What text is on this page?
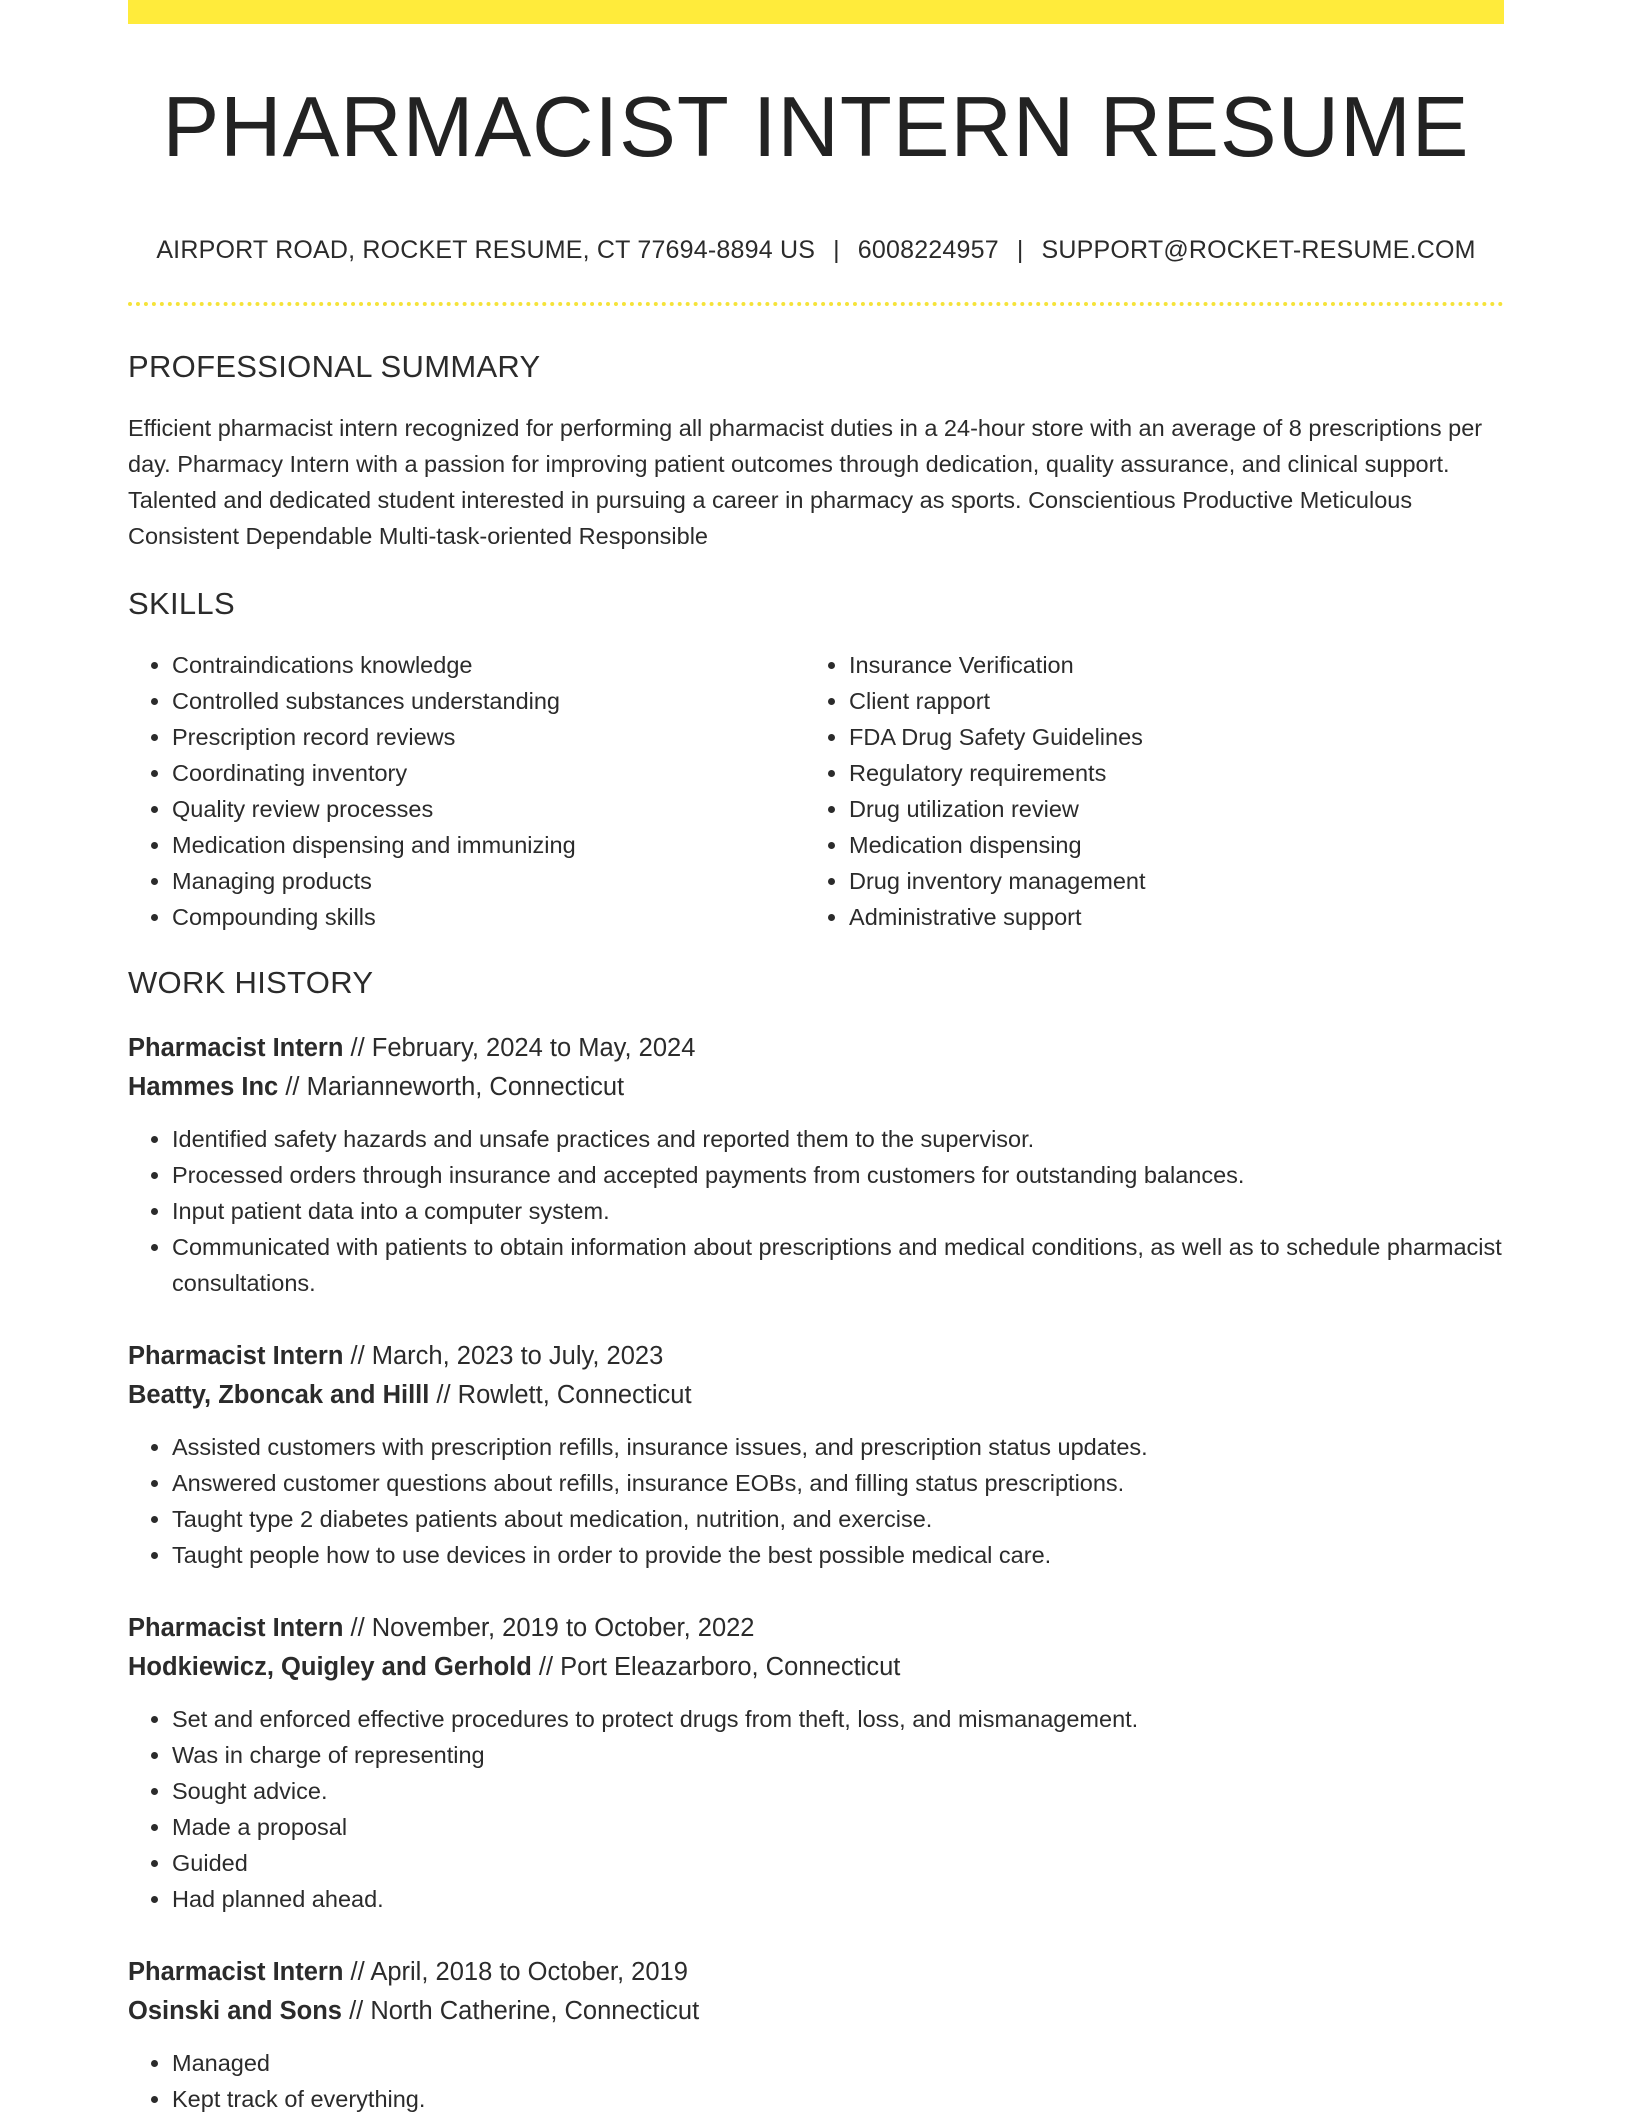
PHARMACIST INTERN RESUME
AIRPORT ROAD, ROCKET RESUME, CT 77694-8894 US | 6008224957 | SUPPORT@ROCKET-RESUME.COM
PROFESSIONAL SUMMARY
Efficient pharmacist intern recognized for performing all pharmacist duties in a 24-hour store with an average of 8 prescriptions per day. Pharmacy Intern with a passion for improving patient outcomes through dedication, quality assurance, and clinical support. Talented and dedicated student interested in pursuing a career in pharmacy as sports. Conscientious Productive Meticulous Consistent Dependable Multi-task-oriented Responsible
SKILLS
• Contraindications knowledge
• Controlled substances understanding
• Prescription record reviews
• Coordinating inventory
• Quality review processes
• Medication dispensing and immunizing
• Managing products
• Compounding skills
• Insurance Verification
• Client rapport
• FDA Drug Safety Guidelines
• Regulatory requirements
• Drug utilization review
• Medication dispensing
• Drug inventory management
• Administrative support
WORK HISTORY
Pharmacist Intern // February, 2024 to May, 2024
Hammes Inc // Marianneworth, Connecticut
• Identified safety hazards and unsafe practices and reported them to the supervisor.
• Processed orders through insurance and accepted payments from customers for outstanding balances.
• Input patient data into a computer system.
• Communicated with patients to obtain information about prescriptions and medical conditions, as well as to schedule pharmacist consultations.
Pharmacist Intern // March, 2023 to July, 2023
Beatty, Zboncak and Hilll // Rowlett, Connecticut
• Assisted customers with prescription refills, insurance issues, and prescription status updates.
• Answered customer questions about refills, insurance EOBs, and filling status prescriptions.
• Taught type 2 diabetes patients about medication, nutrition, and exercise.
• Taught people how to use devices in order to provide the best possible medical care.
Pharmacist Intern // November, 2019 to October, 2022
Hodkiewicz, Quigley and Gerhold // Port Eleazarboro, Connecticut
• Set and enforced effective procedures to protect drugs from theft, loss, and mismanagement.
• Was in charge of representing
• Sought advice.
• Made a proposal
• Guided
• Had planned ahead.
Pharmacist Intern // April, 2018 to October, 2019
Osinski and Sons // North Catherine, Connecticut
• Managed
• Kept track of everything.
